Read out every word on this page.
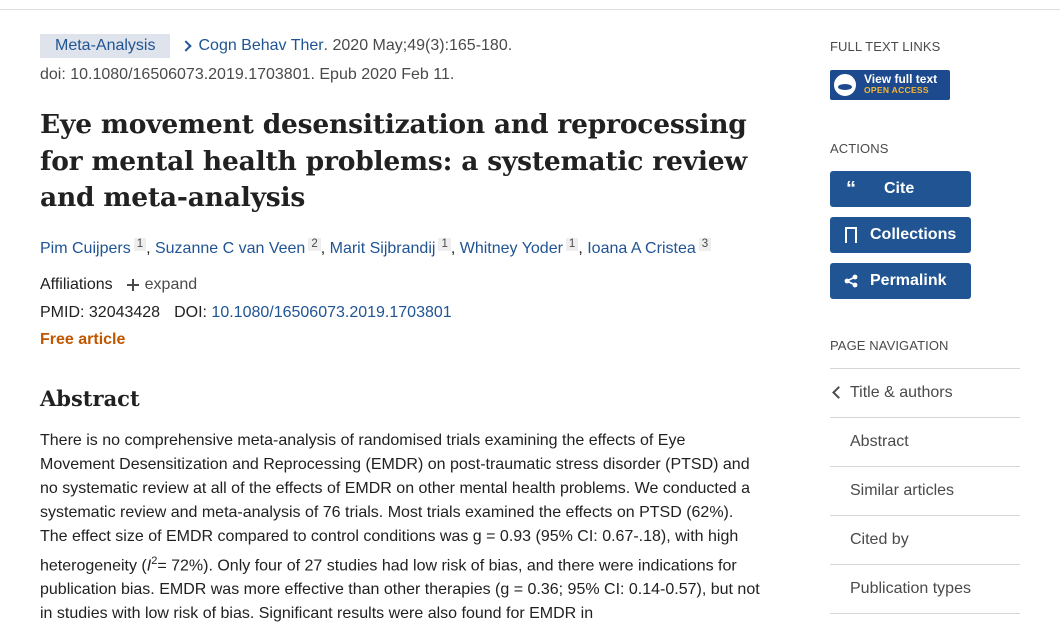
Meta-Analysis	Cogn Behav Ther . 2020 May;49(3):165-180.
doi: 10.1080/16506073.2019.1703801. Epub 2020 Feb 11.
Eye movement desensitization and reprocessing for mental health problems: a systematic review and meta-analysis
Pim Cuijpers 1 , Suzanne C van Veen 2 , Marit Sijbrandij 1 , Whitney Yoder 1 , Ioana A Cristea 3
Affiliations expand
PMID: 32043428 DOI: 10.1080/16506073.2019.1703801
Free article
Abstract

There is no comprehensive meta-analysis of randomised trials examining the effects of Eye Movement Desensitization and Reprocessing (EMDR) on post-traumatic stress disorder (PTSD) and no systematic review at all of the effects of EMDR on other mental health problems. We conducted a systematic review and meta-analysis of 76 trials. Most trials examined the effects on PTSD (62%). The effect size of EMDR compared to control conditions was g = 0.93 (95% CI: 0.67-.18), with high heterogeneity $(I^2= 72\%)$. Only four of 27 studies had low risk of bias, and there were indications for publication bias. EMDR was more effective than other therapies (g = 0.36; 95% CI: 0.14-0.57), but not in studies with low risk of bias. Significant results were also found for EMDR in

FULL TEXT LINKS
View full text
OPEN ACCESS
ACTIONS
“ Cite
Collections
Permalink
PAGE NAVIGATION
Title & authors
Abstract
Similar articles
Cited by
Publication types
